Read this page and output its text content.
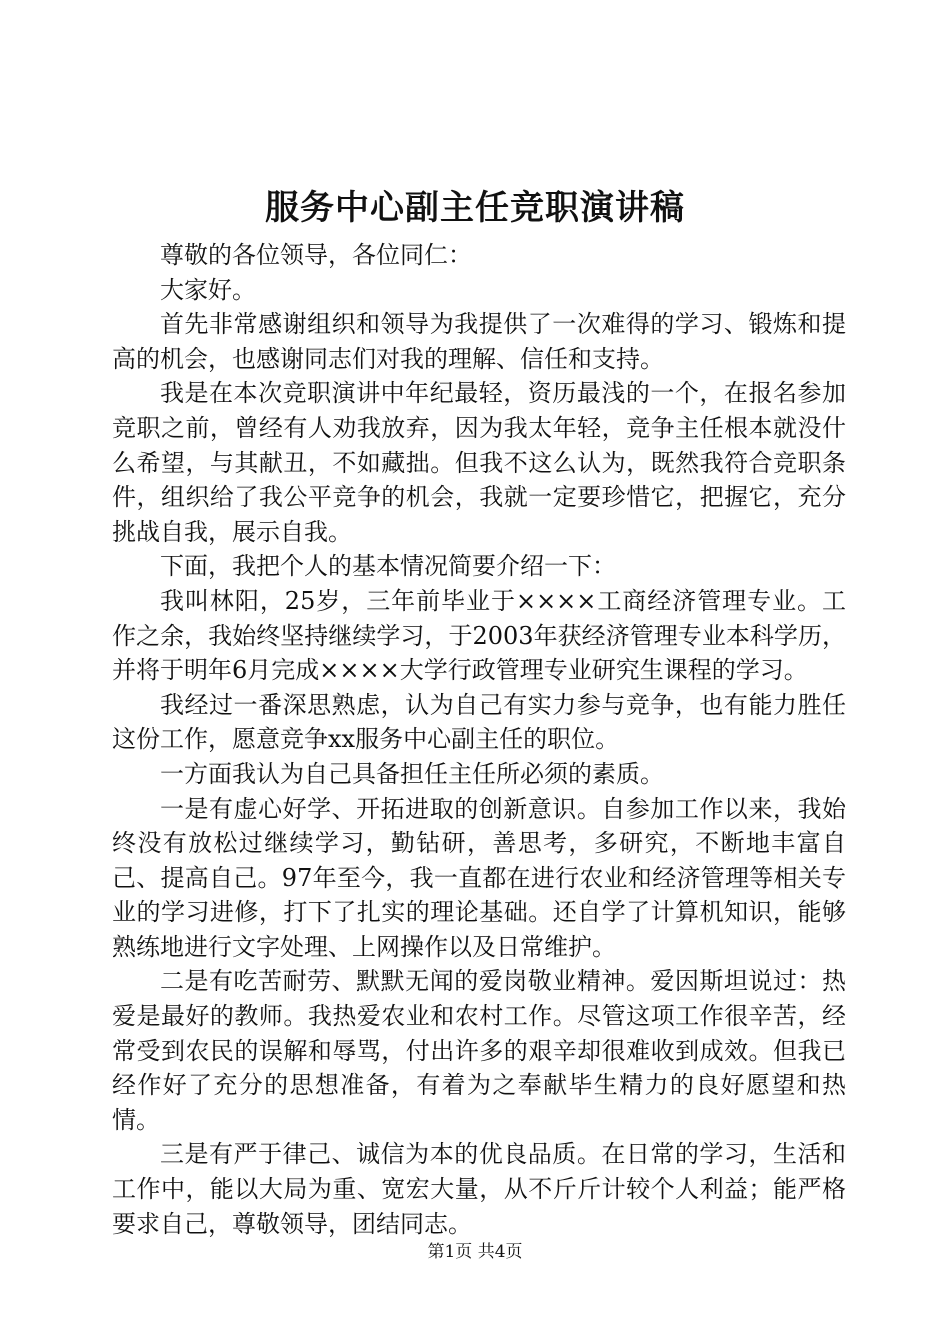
服务中心副主任竞职演讲稿

尊敬的各位领导，各位同仁：

大家好。

首先非常感谢组织和领导为我提供了一次难得的学习、锻炼和提高的机会，也感谢同志们对我的理解、信任和支持。

我是在本次竞职演讲中年纪最轻，资历最浅的一个，在报名参加竞职之前，曾经有人劝我放弃，因为我太年轻，竞争主任根本就没什么希望，与其献丑，不如藏拙。但我不这么认为，既然我符合竞职条件，组织给了我公平竞争的机会，我就一定要珍惜它，把握它，充分挑战自我，展示自我。

下面，我把个人的基本情况简要介绍一下：

我叫林阳，25岁，三年前毕业于××××工商经济管理专业。工作之余，我始终坚持继续学习，于2003年获经济管理专业本科学历，并将于明年6月完成××××大学行政管理专业研究生课程的学习。

我经过一番深思熟虑，认为自己有实力参与竞争，也有能力胜任这份工作，愿意竞争xx服务中心副主任的职位。

一方面我认为自己具备担任主任所必须的素质。

一是有虚心好学、开拓进取的创新意识。自参加工作以来，我始终没有放松过继续学习，勤钻研，善思考，多研究，不断地丰富自己、提高自己。97年至今，我一直都在进行农业和经济管理等相关专业的学习进修，打下了扎实的理论基础。还自学了计算机知识，能够熟练地进行文字处理、上网操作以及日常维护。

二是有吃苦耐劳、默默无闻的爱岗敬业精神。爱因斯坦说过：热爱是最好的教师。我热爱农业和农村工作。尽管这项工作很辛苦，经常受到农民的误解和辱骂，付出许多的艰辛却很难收到成效。但我已经作好了充分的思想准备，有着为之奉献毕生精力的良好愿望和热情。

三是有严于律己、诚信为本的优良品质。在日常的学习，生活和工作中，能以大局为重、宽宏大量，从不斤斤计较个人利益；能严格要求自己，尊敬领导，团结同志。

第1页 共4页
